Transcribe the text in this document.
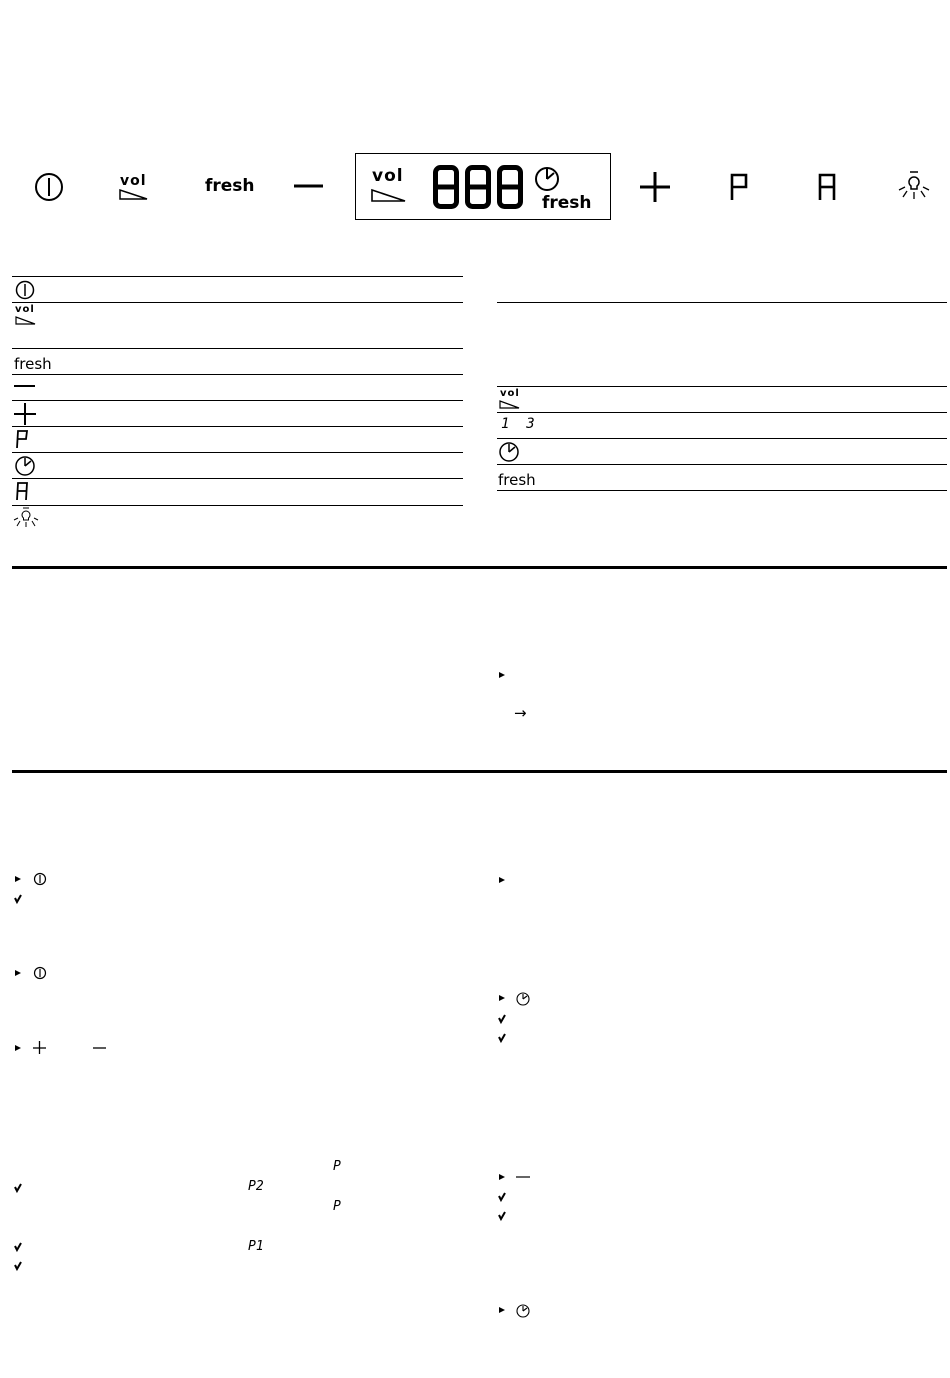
vol	fresh	vol
fresh
vol
fresh
vol
1  3
fresh
→
P
P2
P
P1
